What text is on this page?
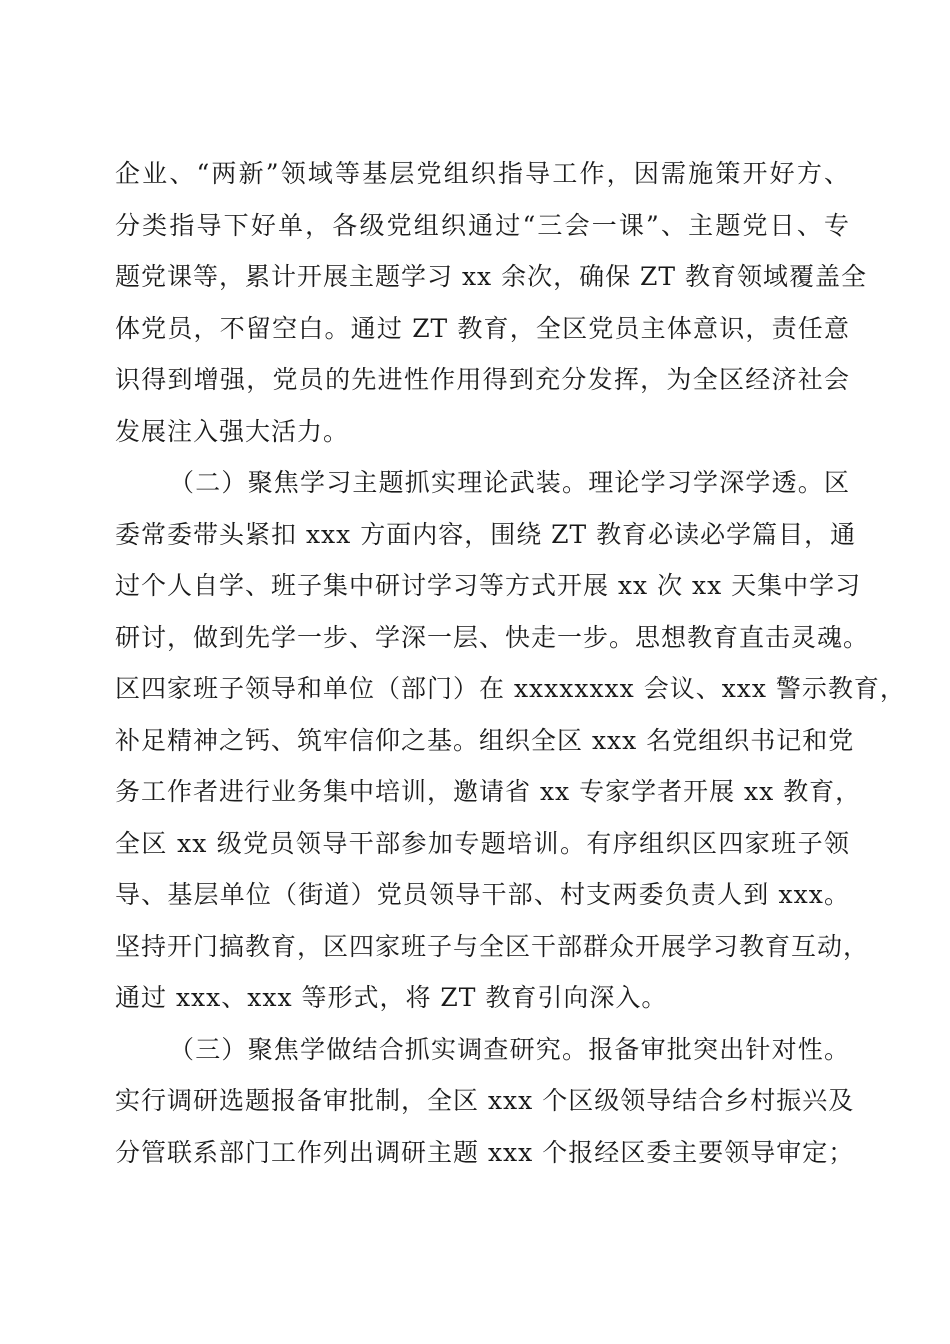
企业、“两新”领域等基层党组织指导工作，因需施策开好方、
分类指导下好单，各级党组织通过“三会一课”、主题党日、专
题党课等，累计开展主题学习 xx 余次，确保 ZT 教育领域覆盖全
体党员，不留空白。通过 ZT 教育，全区党员主体意识，责任意
识得到增强，党员的先进性作用得到充分发挥，为全区经济社会
发展注入强大活力。
（二）聚焦学习主题抓实理论武装。理论学习学深学透。区
委常委带头紧扣 xxx 方面内容，围绕 ZT 教育必读必学篇目，通
过个人自学、班子集中研讨学习等方式开展 xx 次 xx 天集中学习
研讨，做到先学一步、学深一层、快走一步。思想教育直击灵魂。
区四家班子领导和单位（部门）在 xxxxxxxx 会议、xxx 警示教育，
补足精神之钙、筑牢信仰之基。组织全区 xxx 名党组织书记和党
务工作者进行业务集中培训，邀请省 xx 专家学者开展 xx 教育，
全区 xx 级党员领导干部参加专题培训。有序组织区四家班子领
导、基层单位（街道）党员领导干部、村支两委负责人到 xxx。
坚持开门搞教育，区四家班子与全区干部群众开展学习教育互动，
通过 xxx、xxx 等形式，将 ZT 教育引向深入。
（三）聚焦学做结合抓实调查研究。报备审批突出针对性。
实行调研选题报备审批制，全区 xxx 个区级领导结合乡村振兴及
分管联系部门工作列出调研主题 xxx 个报经区委主要领导审定；
